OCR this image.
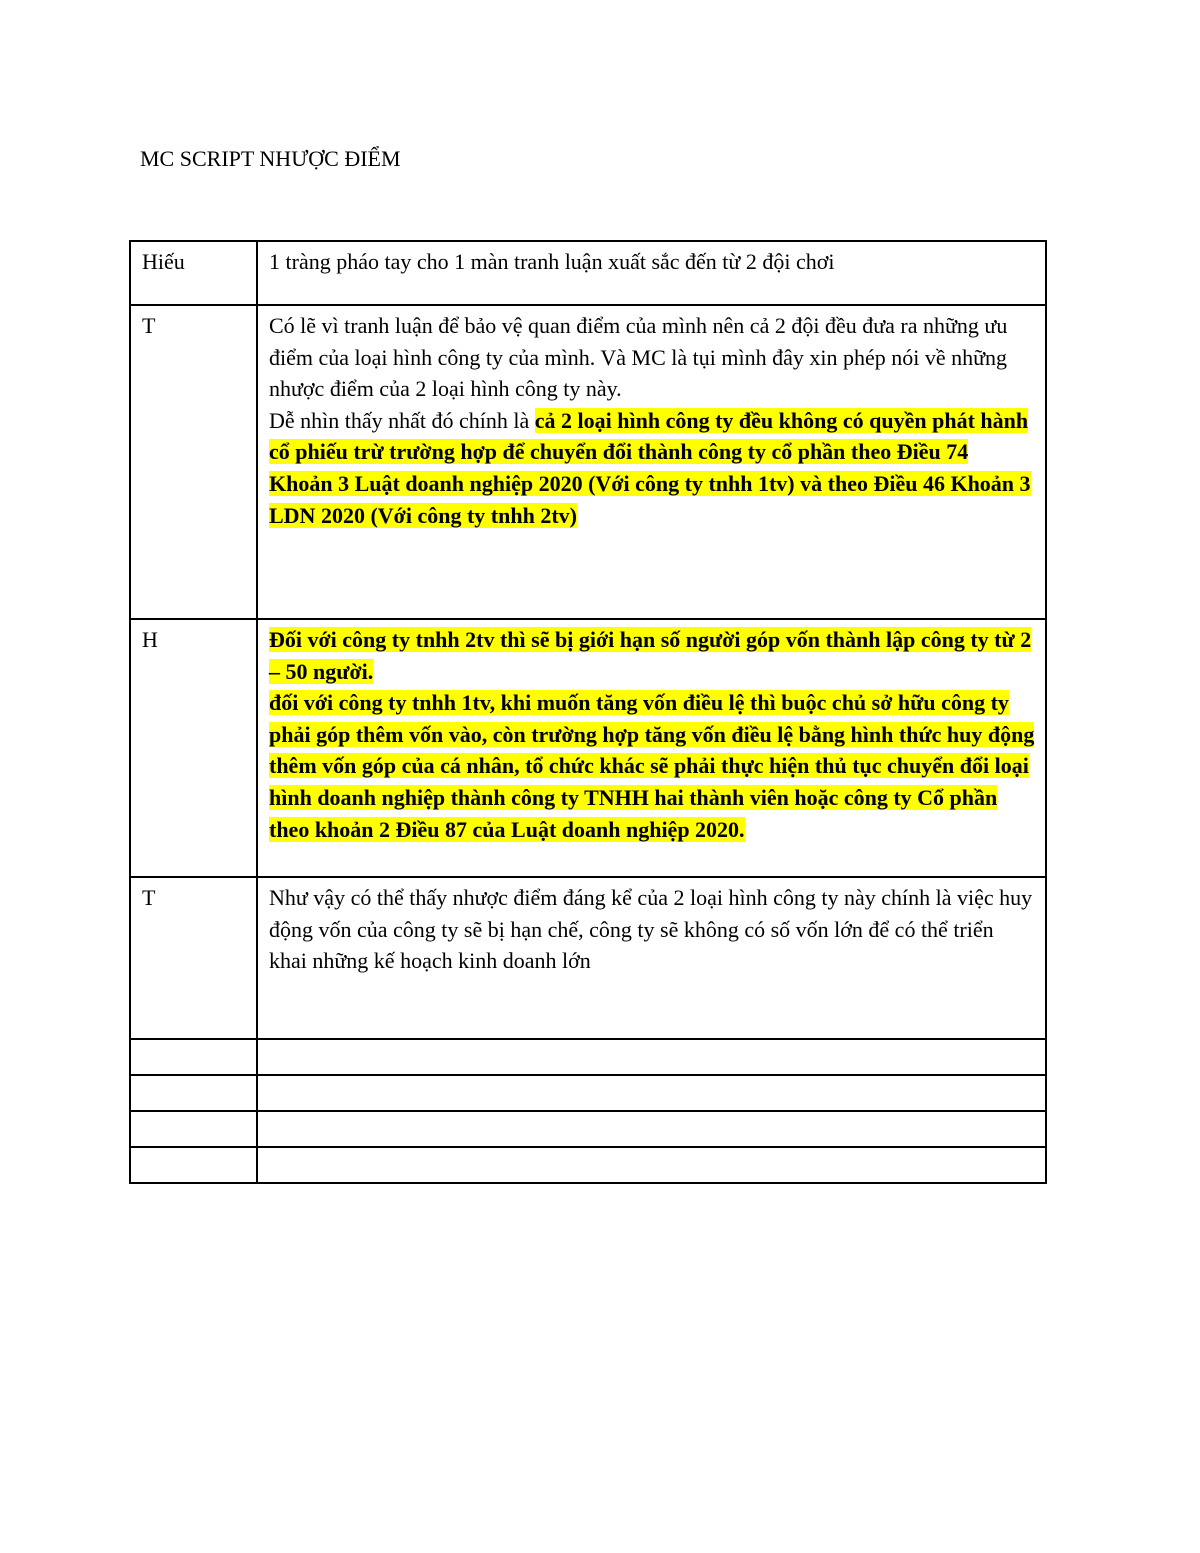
MC SCRIPT NHƯỢC ĐIỂM
Hiếu	1 tràng pháo tay cho 1 màn tranh luận xuất sắc đến từ 2 đội chơi
T	Có lẽ vì tranh luận để bảo vệ quan điểm của mình nên cả 2 đội đều đưa ra những ưu điểm của loại hình công ty của mình. Và MC là tụi mình đây xin phép nói về những nhược điểm của 2 loại hình công ty này.
Dễ nhìn thấy nhất đó chính là cả 2 loại hình công ty đều không có quyền phát hành cổ phiếu trừ trường hợp để chuyển đổi thành công ty cổ phần theo Điều 74 Khoản 3 Luật doanh nghiệp 2020 (Với công ty tnhh 1tv) và theo Điều 46 Khoản 3 LDN 2020 (Với công ty tnhh 2tv)
H	Đối với công ty tnhh 2tv thì sẽ bị giới hạn số người góp vốn thành lập công ty từ 2 – 50 người.
đối với công ty tnhh 1tv, khi muốn tăng vốn điều lệ thì buộc chủ sở hữu công ty phải góp thêm vốn vào, còn trường hợp tăng vốn điều lệ bằng hình thức huy động thêm vốn góp của cá nhân, tổ chức khác sẽ phải thực hiện thủ tục chuyển đổi loại hình doanh nghiệp thành công ty TNHH hai thành viên hoặc công ty Cổ phần theo khoản 2 Điều 87 của Luật doanh nghiệp 2020.
T	Như vậy có thể thấy nhược điểm đáng kể của 2 loại hình công ty này chính là việc huy động vốn của công ty sẽ bị hạn chế, công ty sẽ không có số vốn lớn để có thể triển khai những kế hoạch kinh doanh lớn
